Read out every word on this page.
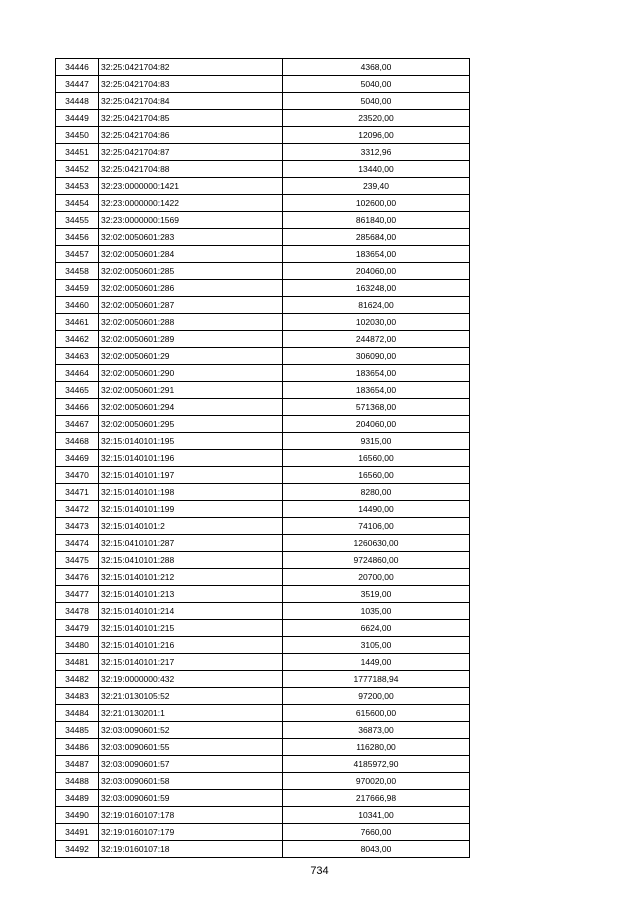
34446	32:25:0421704:82	4368,00
34447	32:25:0421704:83	5040,00
34448	32:25:0421704:84	5040,00
34449	32:25:0421704:85	23520,00
34450	32:25:0421704:86	12096,00
34451	32:25:0421704:87	3312,96
34452	32:25:0421704:88	13440,00
34453	32:23:0000000:1421	239,40
34454	32:23:0000000:1422	102600,00
34455	32:23:0000000:1569	861840,00
34456	32:02:0050601:283	285684,00
34457	32:02:0050601:284	183654,00
34458	32:02:0050601:285	204060,00
34459	32:02:0050601:286	163248,00
34460	32:02:0050601:287	81624,00
34461	32:02:0050601:288	102030,00
34462	32:02:0050601:289	244872,00
34463	32:02:0050601:29	306090,00
34464	32:02:0050601:290	183654,00
34465	32:02:0050601:291	183654,00
34466	32:02:0050601:294	571368,00
34467	32:02:0050601:295	204060,00
34468	32:15:0140101:195	9315,00
34469	32:15:0140101:196	16560,00
34470	32:15:0140101:197	16560,00
34471	32:15:0140101:198	8280,00
34472	32:15:0140101:199	14490,00
34473	32:15:0140101:2	74106,00
34474	32:15:0410101:287	1260630,00
34475	32:15:0410101:288	9724860,00
34476	32:15:0140101:212	20700,00
34477	32:15:0140101:213	3519,00
34478	32:15:0140101:214	1035,00
34479	32:15:0140101:215	6624,00
34480	32:15:0140101:216	3105,00
34481	32:15:0140101:217	1449,00
34482	32:19:0000000:432	1777188,94
34483	32:21:0130105:52	97200,00
34484	32:21:0130201:1	615600,00
34485	32:03:0090601:52	36873,00
34486	32:03:0090601:55	116280,00
34487	32:03:0090601:57	4185972,90
34488	32:03:0090601:58	970020,00
34489	32:03:0090601:59	217666,98
34490	32:19:0160107:178	10341,00
34491	32:19:0160107:179	7660,00
34492	32:19:0160107:18	8043,00
734
